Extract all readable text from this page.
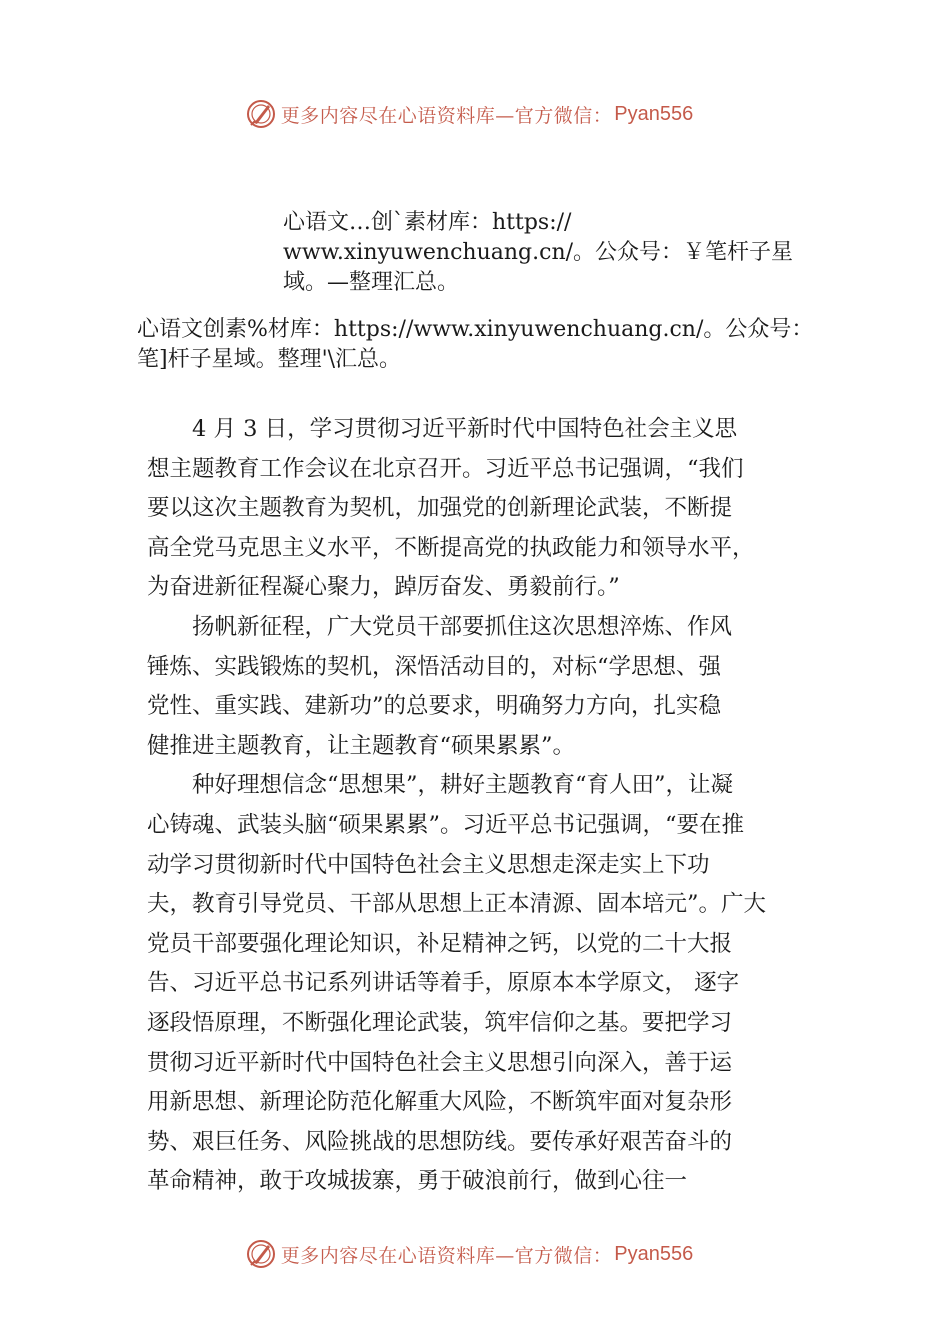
更多内容尽在心语资料库—官方微信： Pyan556
心语文…创`素材库：https://
www.xinyuwenchuang.cn/。公众号：￥笔杆子星
域。—整理汇总。
心语文创素%材库：https://www.xinyuwenchuang.cn/。公众号：
笔]杆子星域。整理'\汇总。
　　4 月 3 日，学习贯彻习近平新时代中国特色社会主义思
想主题教育工作会议在北京召开。习近平总书记强调，“我们
要以这次主题教育为契机，加强党的创新理论武装，不断提
高全党马克思主义水平，不断提高党的执政能力和领导水平，
为奋进新征程凝心聚力，踔厉奋发、勇毅前行。”
　　扬帆新征程，广大党员干部要抓住这次思想淬炼、作风
锤炼、实践锻炼的契机，深悟活动目的，对标“学思想、强
党性、重实践、建新功”的总要求，明确努力方向，扎实稳
健推进主题教育，让主题教育“硕果累累”。
　　种好理想信念“思想果”，耕好主题教育“育人田”，让凝
心铸魂、武装头脑“硕果累累”。习近平总书记强调，“要在推
动学习贯彻新时代中国特色社会主义思想走深走实上下功
夫，教育引导党员、干部从思想上正本清源、固本培元”。广大
党员干部要强化理论知识，补足精神之钙，以党的二十大报
告、习近平总书记系列讲话等着手，原原本本学原文， 逐字
逐段悟原理，不断强化理论武装，筑牢信仰之基。要把学习
贯彻习近平新时代中国特色社会主义思想引向深入，善于运
用新思想、新理论防范化解重大风险，不断筑牢面对复杂形
势、艰巨任务、风险挑战的思想防线。要传承好艰苦奋斗的
革命精神，敢于攻城拔寨，勇于破浪前行，做到心往一
更多内容尽在心语资料库—官方微信： Pyan556
